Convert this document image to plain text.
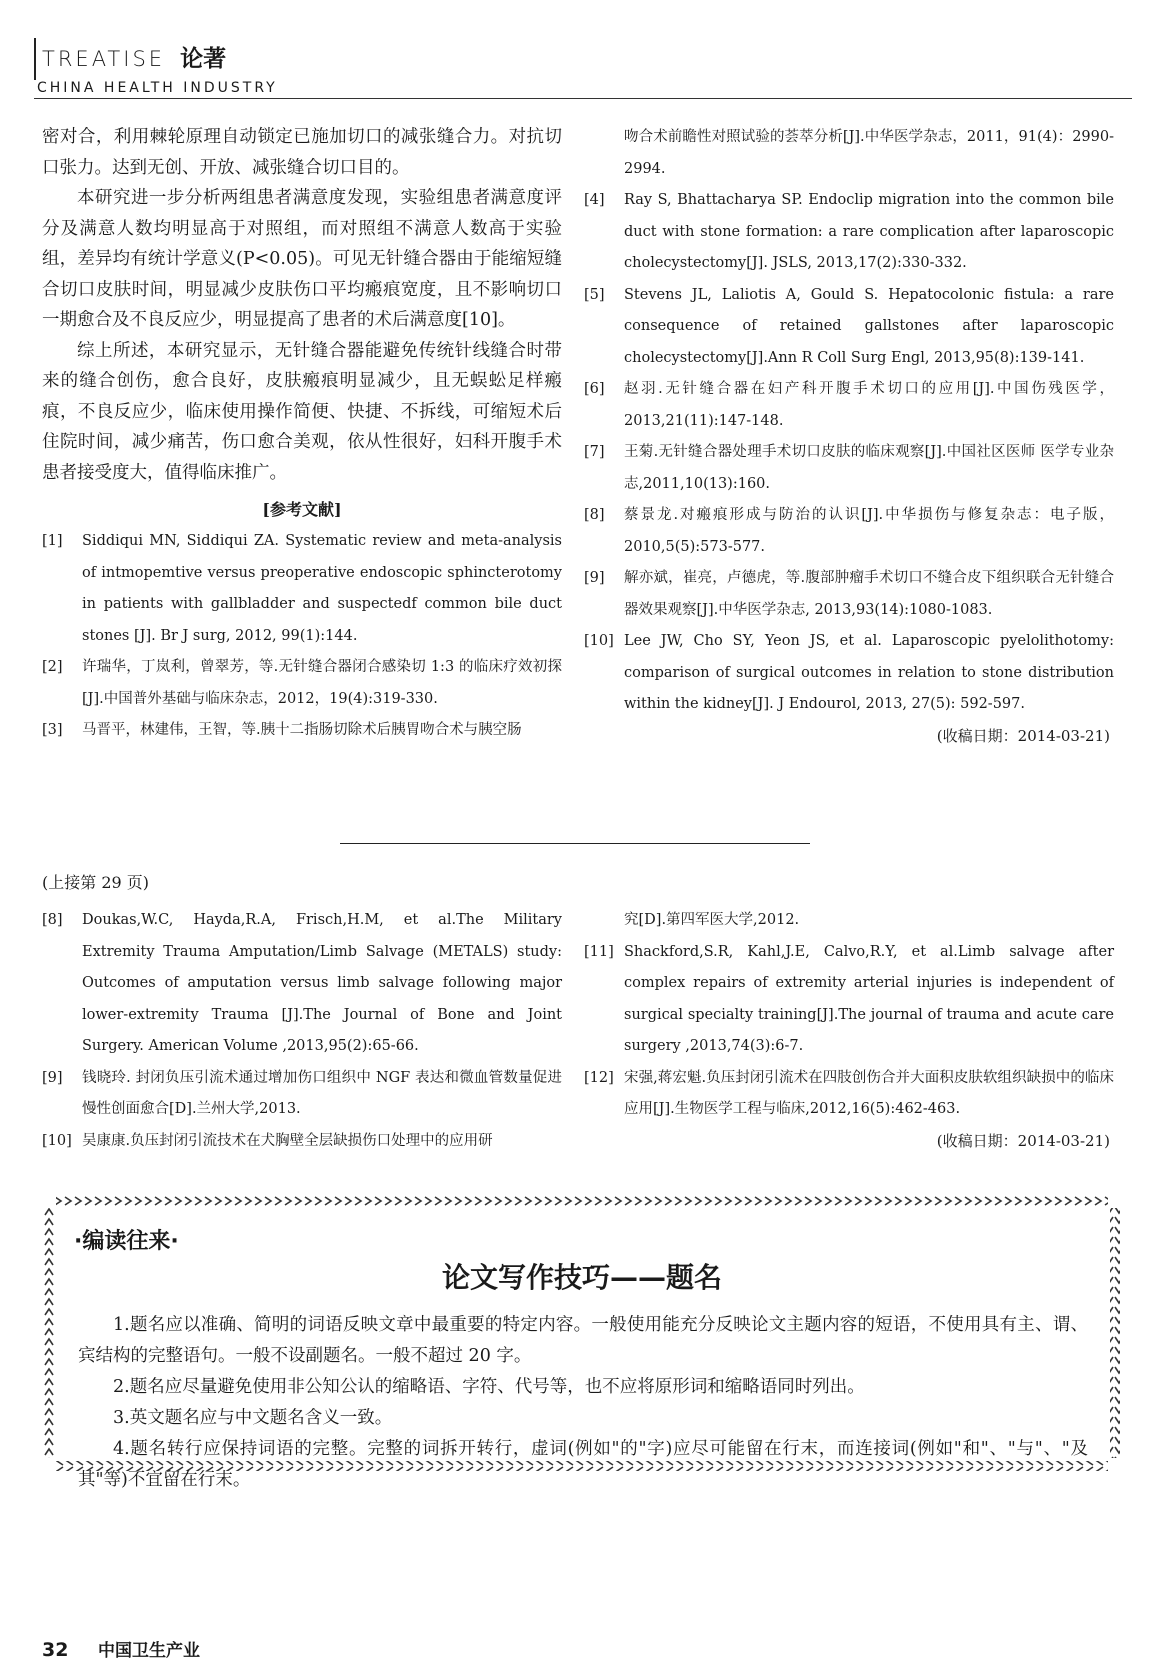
TREATISE 论著
CHINA HEALTH INDUSTRY

密对合，利用棘轮原理自动锁定已施加切口的减张缝合力。对抗切口张力。达到无创、开放、减张缝合切口目的。

本研究进一步分析两组患者满意度发现，实验组患者满意度评分及满意人数均明显高于对照组，而对照组不满意人数高于实验组，差异均有统计学意义(P<0.05)。可见无针缝合器由于能缩短缝合切口皮肤时间，明显减少皮肤伤口平均瘢痕宽度，且不影响切口一期愈合及不良反应少，明显提高了患者的术后满意度[10]。

综上所述，本研究显示，无针缝合器能避免传统针线缝合时带来的缝合创伤，愈合良好，皮肤瘢痕明显减少，且无蜈蚣足样瘢痕，不良反应少，临床使用操作简便、快捷、不拆线，可缩短术后住院时间，减少痛苦，伤口愈合美观，依从性很好，妇科开腹手术患者接受度大，值得临床推广。

[参考文献]
[1] Siddiqui MN, Siddiqui ZA. Systematic review and meta-analysis of intmopemtive versus preoperative endoscopic sphincterotomy in patients with gallbladder and suspectedf common bile duct stones [J]. Br J surg, 2012, 99(1):144.
[2] 许瑞华，丁岚利，曾翠芳，等.无针缝合器闭合感染切 1:3 的临床疗效初探[J].中国普外基础与临床杂志，2012，19(4):319-330.
[3] 马晋平，林建伟，王智，等.胰十二指肠切除术后胰胃吻合术与胰空肠
吻合术前瞻性对照试验的荟萃分析[J].中华医学杂志，2011，91(4)：2990-2994.
[4] Ray S, Bhattacharya SP. Endoclip migration into the common bile duct with stone formation: a rare complication after laparoscopic cholecystectomy[J]. JSLS, 2013,17(2):330-332.
[5] Stevens JL, Laliotis A, Gould S. Hepatocolonic fistula: a rare consequence of retained gallstones after laparoscopic cholecystectomy[J].Ann R Coll Surg Engl, 2013,95(8):139-141.
[6] 赵羽.无针缝合器在妇产科开腹手术切口的应用[J].中国伤残医学，2013,21(11):147-148.
[7] 王菊.无针缝合器处理手术切口皮肤的临床观察[J].中国社区医师 医学专业杂志,2011,10(13):160.
[8] 蔡景龙.对瘢痕形成与防治的认识[J].中华损伤与修复杂志：电子版，2010,5(5):573-577.
[9] 解亦斌，崔亮，卢德虎，等.腹部肿瘤手术切口不缝合皮下组织联合无针缝合器效果观察[J].中华医学杂志, 2013,93(14):1080-1083.
[10] Lee JW, Cho SY, Yeon JS, et al. Laparoscopic pyelolithotomy: comparison of surgical outcomes in relation to stone distribution within the kidney[J]. J Endourol, 2013, 27(5): 592-597.
(收稿日期：2014-03-21)
(上接第 29 页)
[8] Doukas,W.C, Hayda,R.A, Frisch,H.M, et al.The Military Extremity Trauma Amputation/Limb Salvage (METALS) study: Outcomes of amputation versus limb salvage following major lower-extremity Trauma [J].The Journal of Bone and Joint Surgery. American Volume ,2013,95(2):65-66.
[9] 钱晓玲. 封闭负压引流术通过增加伤口组织中 NGF 表达和微血管数量促进慢性创面愈合[D].兰州大学,2013.
[10] 吴康康.负压封闭引流技术在犬胸壁全层缺损伤口处理中的应用研
究[D].第四军医大学,2012.
[11] Shackford,S.R, Kahl,J.E, Calvo,R.Y, et al.Limb salvage after complex repairs of extremity arterial injuries is independent of surgical specialty training[J].The journal of trauma and acute care surgery ,2013,74(3):6-7.
[12] 宋强,蒋宏魁.负压封闭引流术在四肢创伤合并大面积皮肤软组织缺损中的临床应用[J].生物医学工程与临床,2012,16(5):462-463.
(收稿日期：2014-03-21)
·编读往来·
论文写作技巧——题名

1.题名应以准确、简明的词语反映文章中最重要的特定内容。一般使用能充分反映论文主题内容的短语，不使用具有主、谓、宾结构的完整语句。一般不设副题名。一般不超过 20 字。

2.题名应尽量避免使用非公知公认的缩略语、字符、代号等，也不应将原形词和缩略语同时列出。

3.英文题名应与中文题名含义一致。

4.题名转行应保持词语的完整。完整的词拆开转行，虚词(例如"的"字)应尽可能留在行末，而连接词(例如"和"、"与"、"及其"等)不宜留在行末。

32 中国卫生产业
